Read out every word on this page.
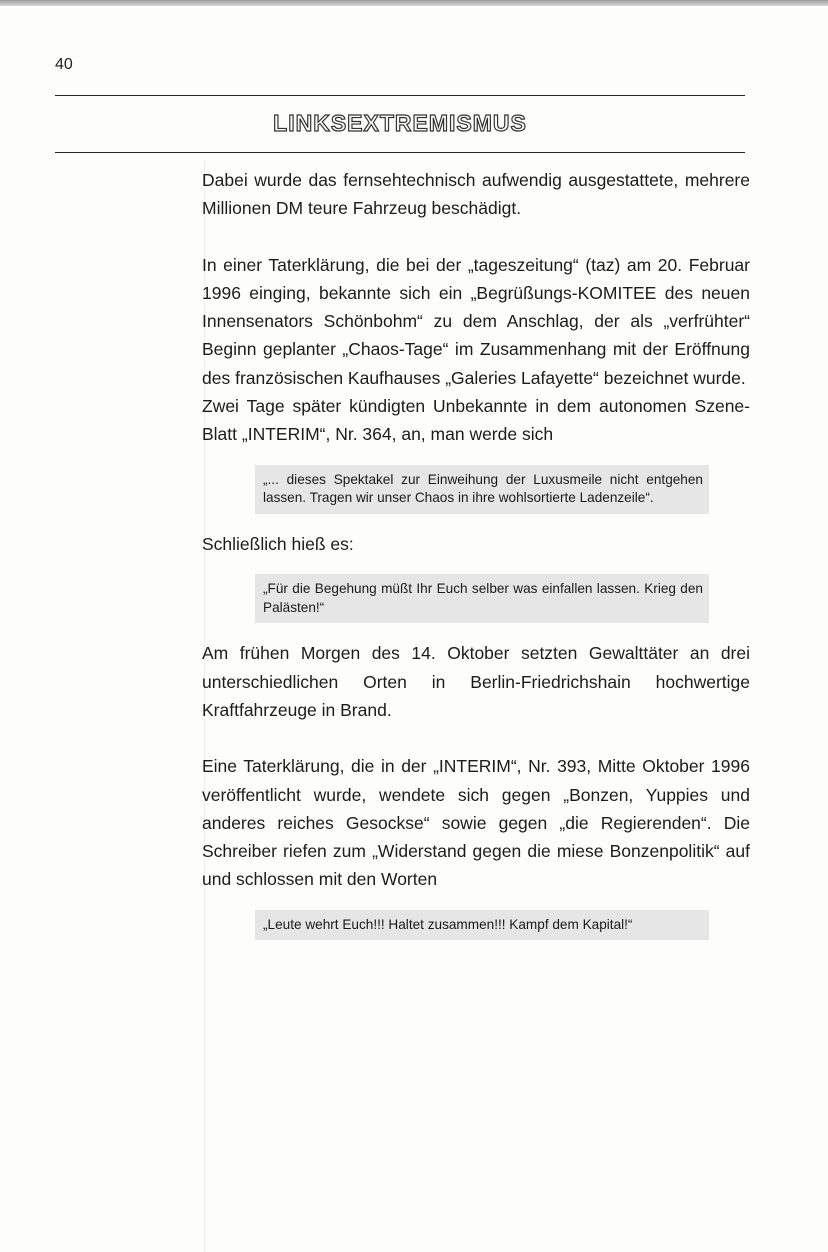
40
LINKSEXTREMISMUS

Dabei wurde das fernsehtechnisch aufwendig ausgestattete, mehrere Millionen DM teure Fahrzeug beschädigt.

In einer Taterklärung, die bei der „tageszeitung“ (taz) am 20. Februar 1996 einging, bekannte sich ein „Begrüßungs-KOMITEE des neuen Innensenators Schönbohm“ zu dem Anschlag, der als „verfrühter“ Beginn geplanter „Chaos-Tage“ im Zusammenhang mit der Eröffnung des französischen Kaufhauses „Galeries Lafayette“ bezeichnet wurde.

Zwei Tage später kündigten Unbekannte in dem autonomen Szene-Blatt „INTERIM“, Nr. 364, an, man werde sich

„... dieses Spektakel zur Einweihung der Luxusmeile nicht entgehen lassen. Tragen wir unser Chaos in ihre wohlsortierte Ladenzeile“.

Schließlich hieß es:

„Für die Begehung müßt Ihr Euch selber was einfallen lassen. Krieg den Palästen!“

Am frühen Morgen des 14. Oktober setzten Gewalttäter an drei unterschiedlichen Orten in Berlin-Friedrichshain hochwertige Kraftfahrzeuge in Brand.

Eine Taterklärung, die in der „INTERIM“, Nr. 393, Mitte Oktober 1996 veröffentlicht wurde, wendete sich gegen „Bonzen, Yuppies und anderes reiches Gesockse“ sowie gegen „die Regierenden“. Die Schreiber riefen zum „Widerstand gegen die miese Bonzenpolitik“ auf und schlossen mit den Worten

„Leute wehrt Euch!!! Haltet zusammen!!! Kampf dem Kapital!“
